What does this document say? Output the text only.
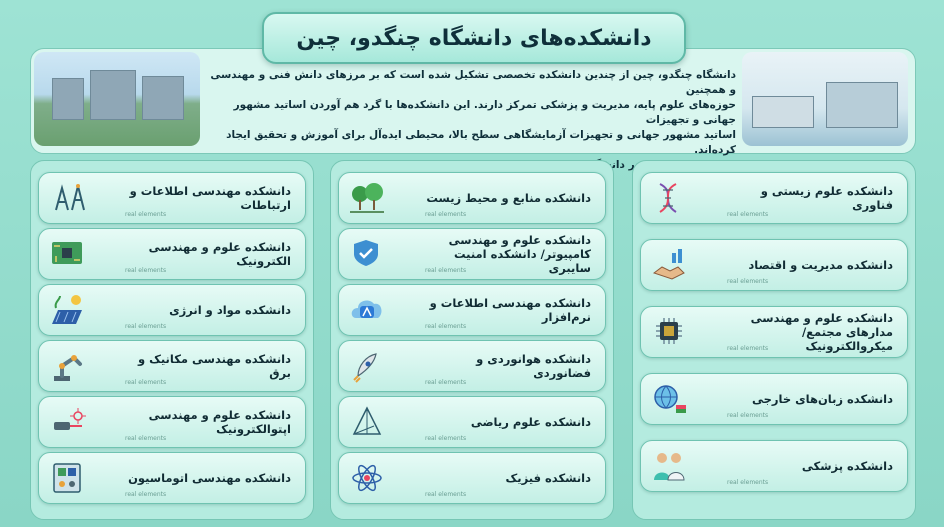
دانشکده‌های دانشگاه چنگدو، چین
دانشگاه چنگدو، چین از چندین دانشکده تخصصی تشکیل شده است که بر مرزهای دانش فنی و مهندسی و همچنین
حوزه‌های علوم پایه، مدیریت و پزشکی تمرکز دارند. این دانشکده‌ها با گرد هم آوردن اساتید مشهور جهانی و تجهیزات
اساتید مشهور جهانی و تجهیزات آزمایشگاهی سطح بالا، محیطی ایده‌آل برای آموزش و تحقیق ایجاد کرده‌اند.
دانشکده مهندسی اطلاعات و ارتباطات
real elements
دانشکده علوم و مهندسی الکترونیک
real elements
دانشکده مواد و انرژی
real elements
دانشکده مهندسی مکانیک و برق
real elements
دانشکده علوم و مهندسی اپتوالکترونیک
real elements
دانشکده مهندسی اتوماسیون
real elements
دانشکده منابع و محیط زیست
real elements
دانشکده علوم و مهندسی کامپیوتر/ دانشکده امنیت سایبری
real elements
دانشکده مهندسی اطلاعات و نرم‌افزار
real elements
دانشکده هوانوردی و فضانوردی
real elements
دانشکده علوم ریاضی
real elements
دانشکده فیزیک
real elements
دانشکده علوم زیستی و فناوری
real elements
دانشکده مدیریت و اقتصاد
real elements
دانشکده علوم و مهندسی مدارهای مجتمع/ میکروالکترونیک
real elements
دانشکده زبان‌های خارجی
real elements
دانشکده پزشکی
real elements
